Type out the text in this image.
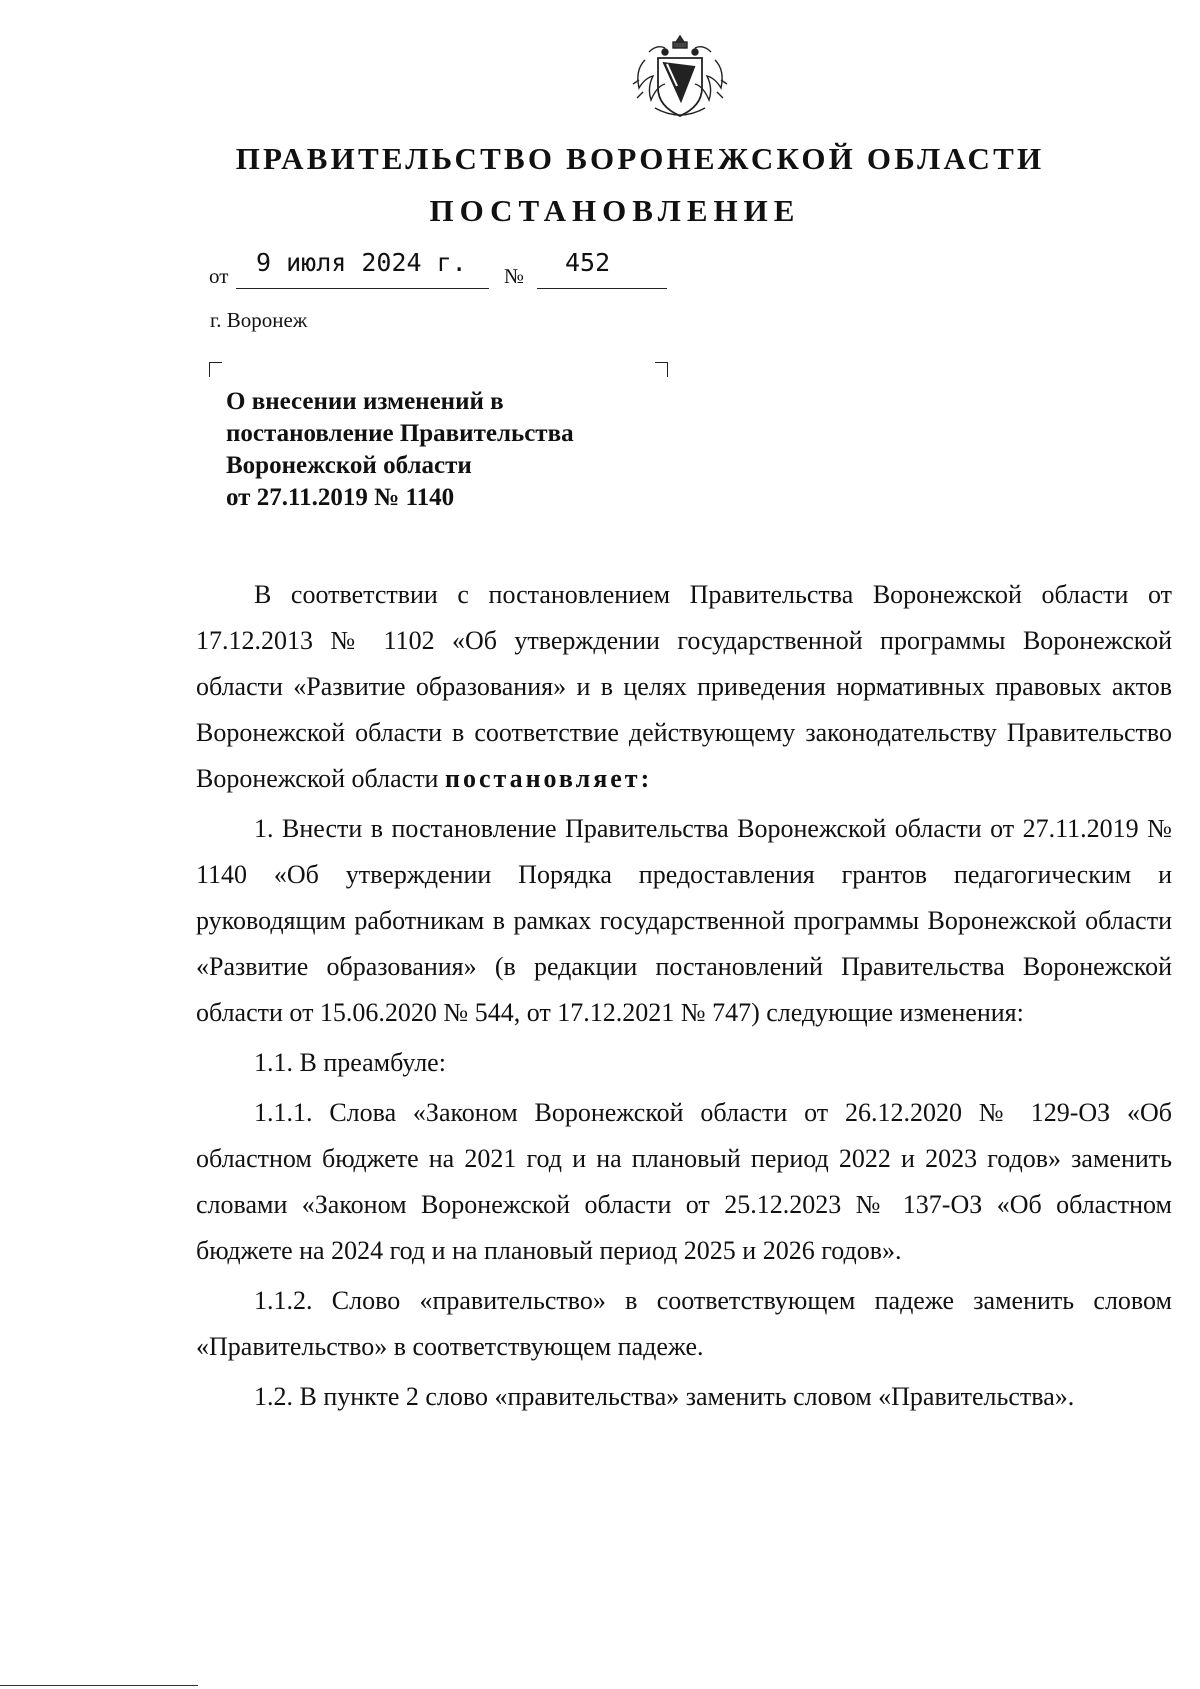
ПРАВИТЕЛЬСТВО ВОРОНЕЖСКОЙ ОБЛАСТИ
ПОСТАНОВЛЕНИЕ
от 9 июля 2024 г. № 452
г. Воронеж
О внесении изменений в
постановление Правительства
Воронежской области
от 27.11.2019 № 1140

В соответствии с постановлением Правительства Воронежской области от 17.12.2013 № 1102 «Об утверждении государственной программы Воронежской области «Развитие образования» и в целях приведения нормативных правовых актов Воронежской области в соответствие действующему законодательству Правительство Воронежской области постановляет:

1. Внести в постановление Правительства Воронежской области от 27.11.2019 № 1140 «Об утверждении Порядка предоставления грантов педагогическим и руководящим работникам в рамках государственной программы Воронежской области «Развитие образования» (в редакции постановлений Правительства Воронежской области от 15.06.2020 № 544, от 17.12.2021 № 747) следующие изменения:

1.1. В преамбуле:

1.1.1. Слова «Законом Воронежской области от 26.12.2020 № 129-ОЗ «Об областном бюджете на 2021 год и на плановый период 2022 и 2023 годов» заменить словами «Законом Воронежской области от 25.12.2023 № 137-ОЗ «Об областном бюджете на 2024 год и на плановый период 2025 и 2026 годов».

1.1.2. Слово «правительство» в соответствующем падеже заменить словом «Правительство» в соответствующем падеже.

1.2. В пункте 2 слово «правительства» заменить словом «Правительства».
